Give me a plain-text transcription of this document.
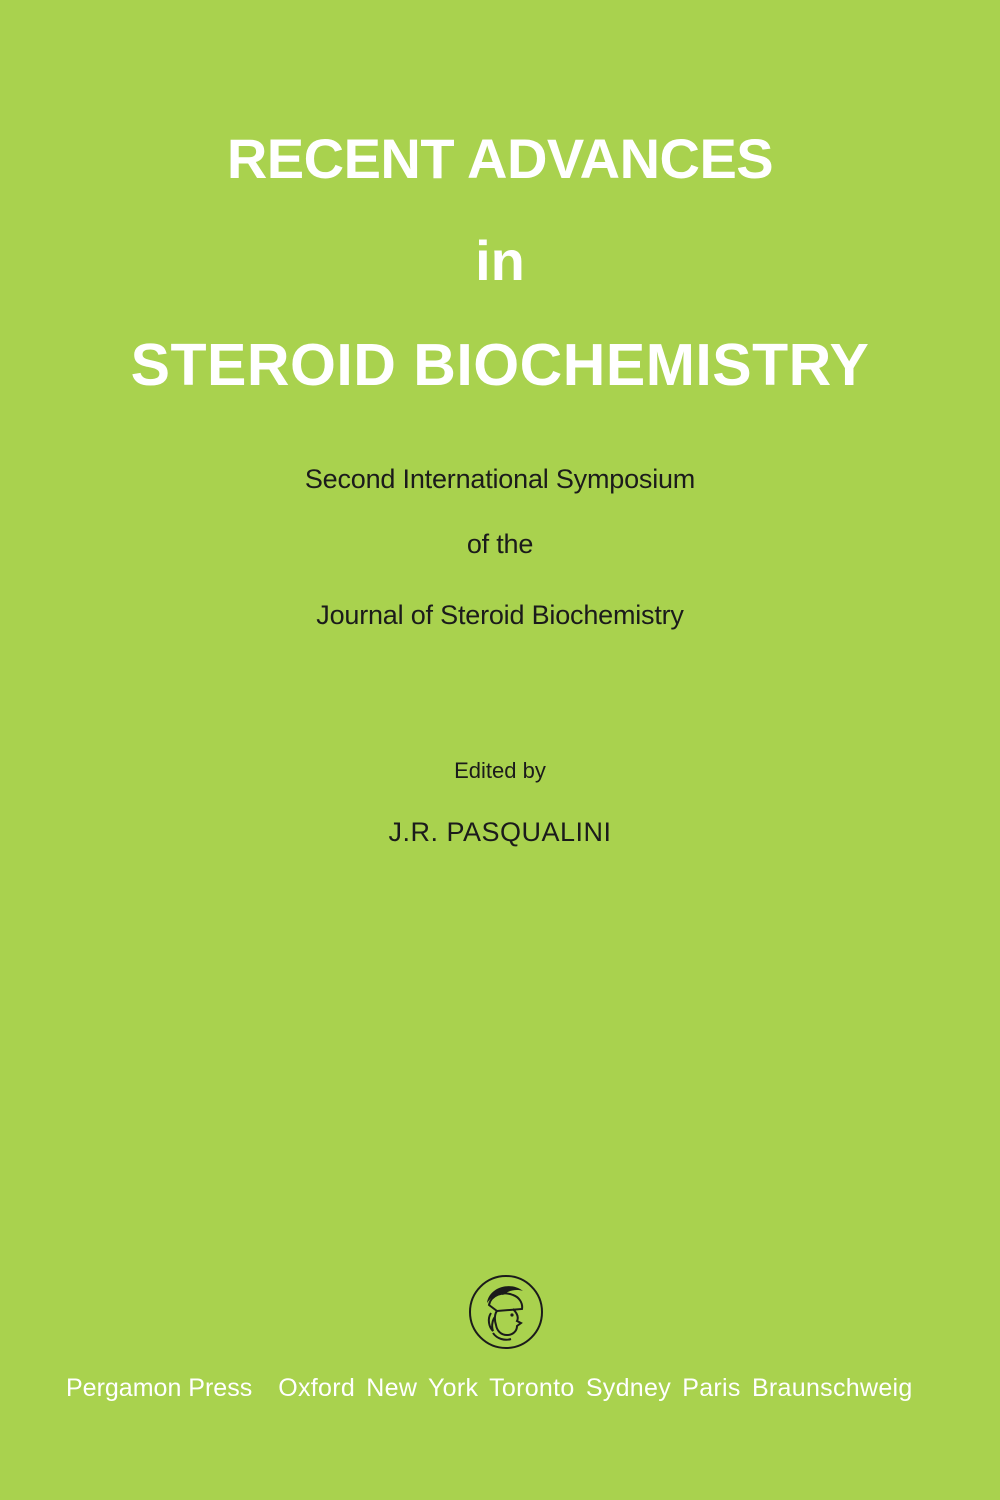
RECENT ADVANCES
in
STEROID BIOCHEMISTRY
Second International Symposium
of the
Journal of Steroid Biochemistry
Edited by
J.R. PASQUALINI
Pergamon Press Oxford New York Toronto Sydney Paris Braunschweig
